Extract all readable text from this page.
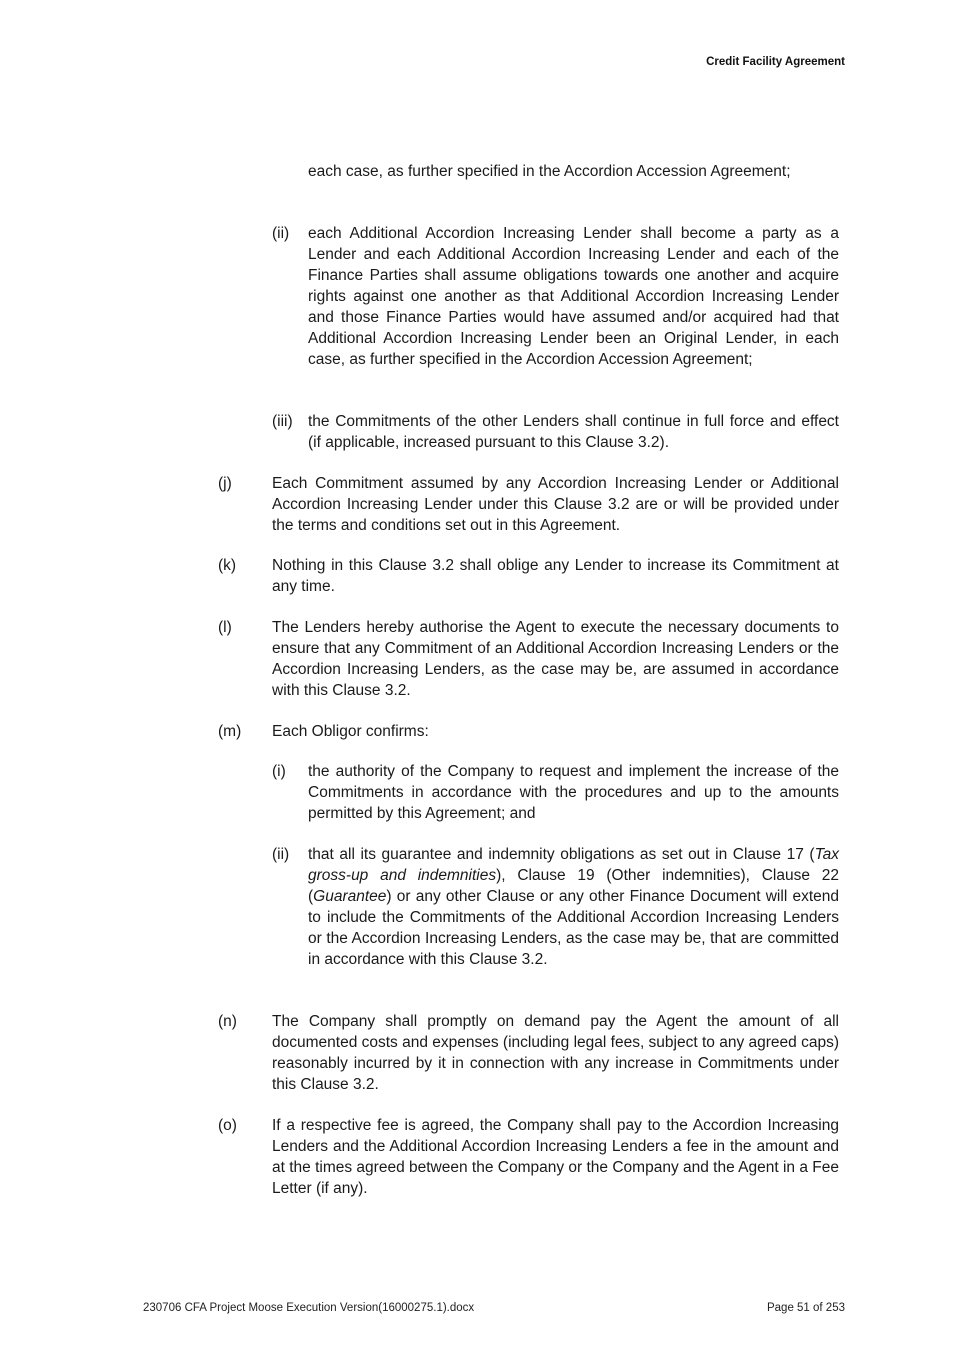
Credit Facility Agreement
each case, as further specified in the Accordion Accession Agreement;
(ii)	each Additional Accordion Increasing Lender shall become a party as a Lender and each Additional Accordion Increasing Lender and each of the Finance Parties shall assume obligations towards one another and acquire rights against one another as that Additional Accordion Increasing Lender and those Finance Parties would have assumed and/or acquired had that Additional Accordion Increasing Lender been an Original Lender, in each case, as further specified in the Accordion Accession Agreement;
(iii) the Commitments of the other Lenders shall continue in full force and effect (if applicable, increased pursuant to this Clause 3.2).
(j)	Each Commitment assumed by any Accordion Increasing Lender or Additional Accordion Increasing Lender under this Clause 3.2 are or will be provided under the terms and conditions set out in this Agreement.
(k)	Nothing in this Clause 3.2 shall oblige any Lender to increase its Commitment at any time.
(l)	The Lenders hereby authorise the Agent to execute the necessary documents to ensure that any Commitment of an Additional Accordion Increasing Lenders or the Accordion Increasing Lenders, as the case may be, are assumed in accordance with this Clause 3.2.
(m)	Each Obligor confirms:
(i)	the authority of the Company to request and implement the increase of the Commitments in accordance with the procedures and up to the amounts permitted by this Agreement; and
(ii)	that all its guarantee and indemnity obligations as set out in Clause 17 (Tax gross-up and indemnities), Clause 19 (Other indemnities), Clause 22 (Guarantee) or any other Clause or any other Finance Document will extend to include the Commitments of the Additional Accordion Increasing Lenders or the Accordion Increasing Lenders, as the case may be, that are committed in accordance with this Clause 3.2.
(n)	The Company shall promptly on demand pay the Agent the amount of all documented costs and expenses (including legal fees, subject to any agreed caps) reasonably incurred by it in connection with any increase in Commitments under this Clause 3.2.
(o)	If a respective fee is agreed, the Company shall pay to the Accordion Increasing Lenders and the Additional Accordion Increasing Lenders a fee in the amount and at the times agreed between the Company or the Company and the Agent in a Fee Letter (if any).
230706 CFA Project Moose Execution Version(16000275.1).docx	Page 51 of 253
